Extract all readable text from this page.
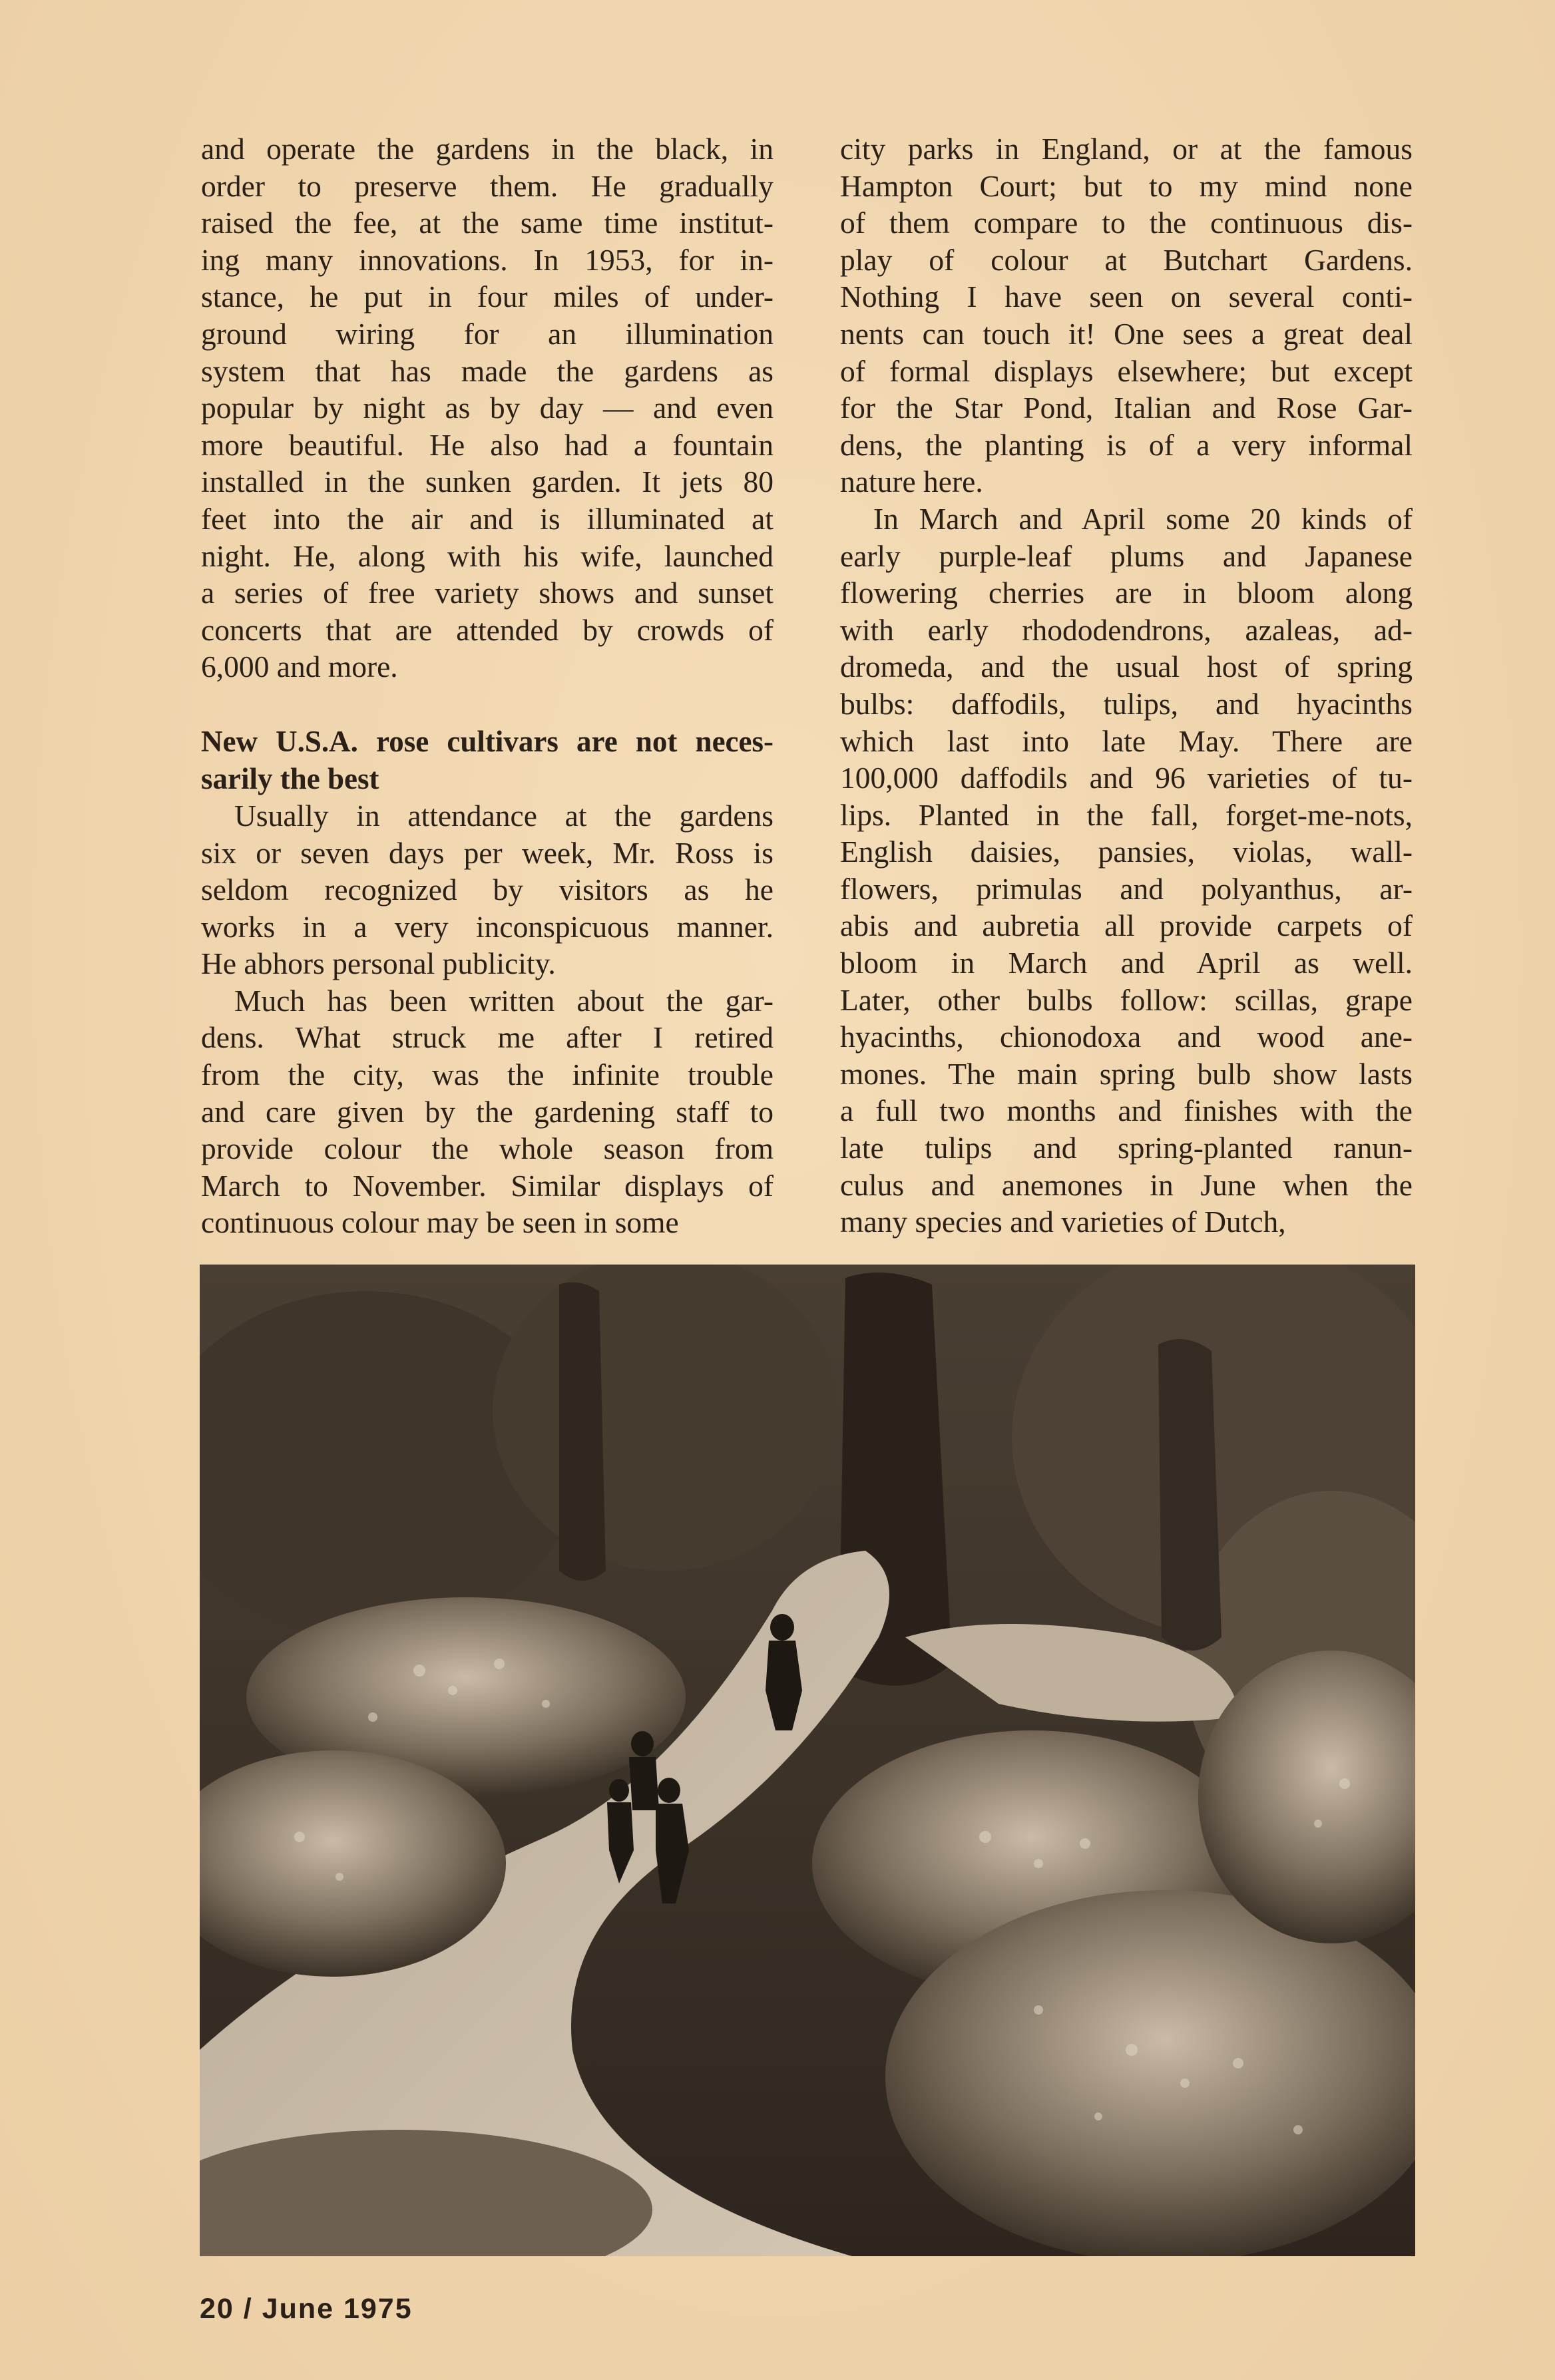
and operate the gardens in the black, in
order to preserve them. He gradually
raised the fee, at the same time institut-
ing many innovations. In 1953, for in-
stance, he put in four miles of under-
ground wiring for an illumination
system that has made the gardens as
popular by night as by day — and even
more beautiful. He also had a fountain
installed in the sunken garden. It jets 80
feet into the air and is illuminated at
night. He, along with his wife, launched
a series of free variety shows and sunset
concerts that are attended by crowds of
6,000 and more.
New U.S.A. rose cultivars are not neces-
sarily the best
Usually in attendance at the gardens
six or seven days per week, Mr. Ross is
seldom recognized by visitors as he
works in a very inconspicuous manner.
He abhors personal publicity.
Much has been written about the gar-
dens. What struck me after I retired
from the city, was the infinite trouble
and care given by the gardening staff to
provide colour the whole season from
March to November. Similar displays of
continuous colour may be seen in some
city parks in England, or at the famous
Hampton Court; but to my mind none
of them compare to the continuous dis-
play of colour at Butchart Gardens.
Nothing I have seen on several conti-
nents can touch it! One sees a great deal
of formal displays elsewhere; but except
for the Star Pond, Italian and Rose Gar-
dens, the planting is of a very informal
nature here.
In March and April some 20 kinds of
early purple-leaf plums and Japanese
flowering cherries are in bloom along
with early rhododendrons, azaleas, ad-
dromeda, and the usual host of spring
bulbs: daffodils, tulips, and hyacinths
which last into late May. There are
100,000 daffodils and 96 varieties of tu-
lips. Planted in the fall, forget-me-nots,
English daisies, pansies, violas, wall-
flowers, primulas and polyanthus, ar-
abis and aubretia all provide carpets of
bloom in March and April as well.
Later, other bulbs follow: scillas, grape
hyacinths, chionodoxa and wood ane-
mones. The main spring bulb show lasts
a full two months and finishes with the
late tulips and spring-planted ranun-
culus and anemones in June when the
many species and varieties of Dutch,
20 / June 1975
